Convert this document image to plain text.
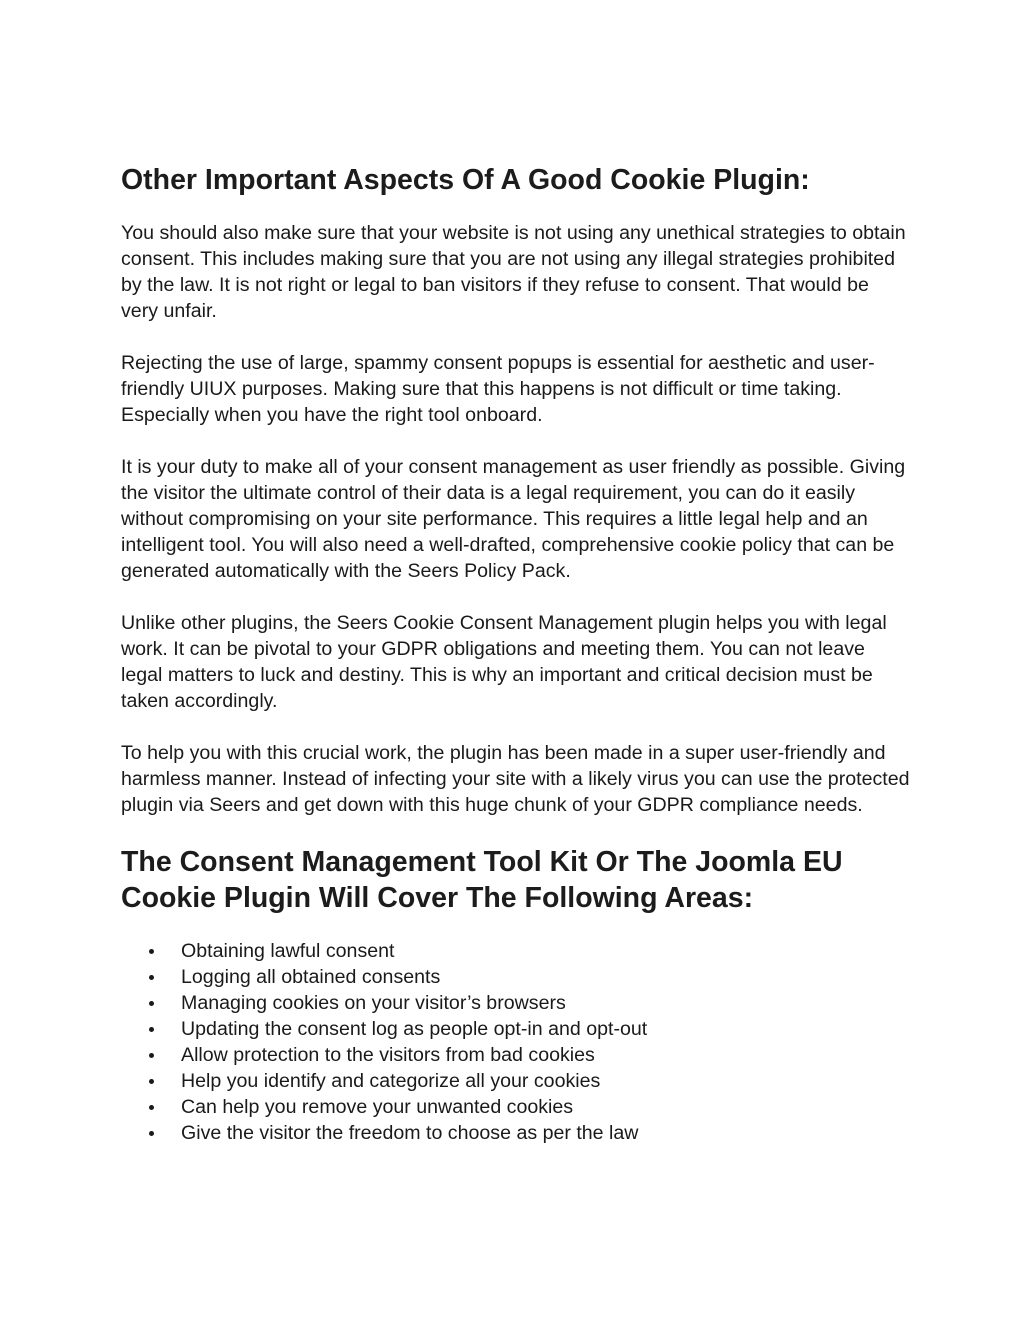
Other Important Aspects Of A Good Cookie Plugin:

You should also make sure that your website is not using any unethical strategies to obtain consent. This includes making sure that you are not using any illegal strategies prohibited by the law. It is not right or legal to ban visitors if they refuse to consent. That would be very unfair.

Rejecting the use of large, spammy consent popups is essential for aesthetic and user-friendly UIUX purposes. Making sure that this happens is not difficult or time taking. Especially when you have the right tool onboard.

It is your duty to make all of your consent management as user friendly as possible. Giving the visitor the ultimate control of their data is a legal requirement, you can do it easily without compromising on your site performance. This requires a little legal help and an intelligent tool. You will also need a well-drafted, comprehensive cookie policy that can be generated automatically with the Seers Policy Pack.

Unlike other plugins, the Seers Cookie Consent Management plugin helps you with legal work. It can be pivotal to your GDPR obligations and meeting them. You can not leave legal matters to luck and destiny. This is why an important and critical decision must be taken accordingly.

To help you with this crucial work, the plugin has been made in a super user-friendly and harmless manner. Instead of infecting your site with a likely virus you can use the protected plugin via Seers and get down with this huge chunk of your GDPR compliance needs.

The Consent Management Tool Kit Or The Joomla EU Cookie Plugin Will Cover The Following Areas:
Obtaining lawful consent
Logging all obtained consents
Managing cookies on your visitor’s browsers
Updating the consent log as people opt-in and opt-out
Allow protection to the visitors from bad cookies
Help you identify and categorize all your cookies
Can help you remove your unwanted cookies
Give the visitor the freedom to choose as per the law
